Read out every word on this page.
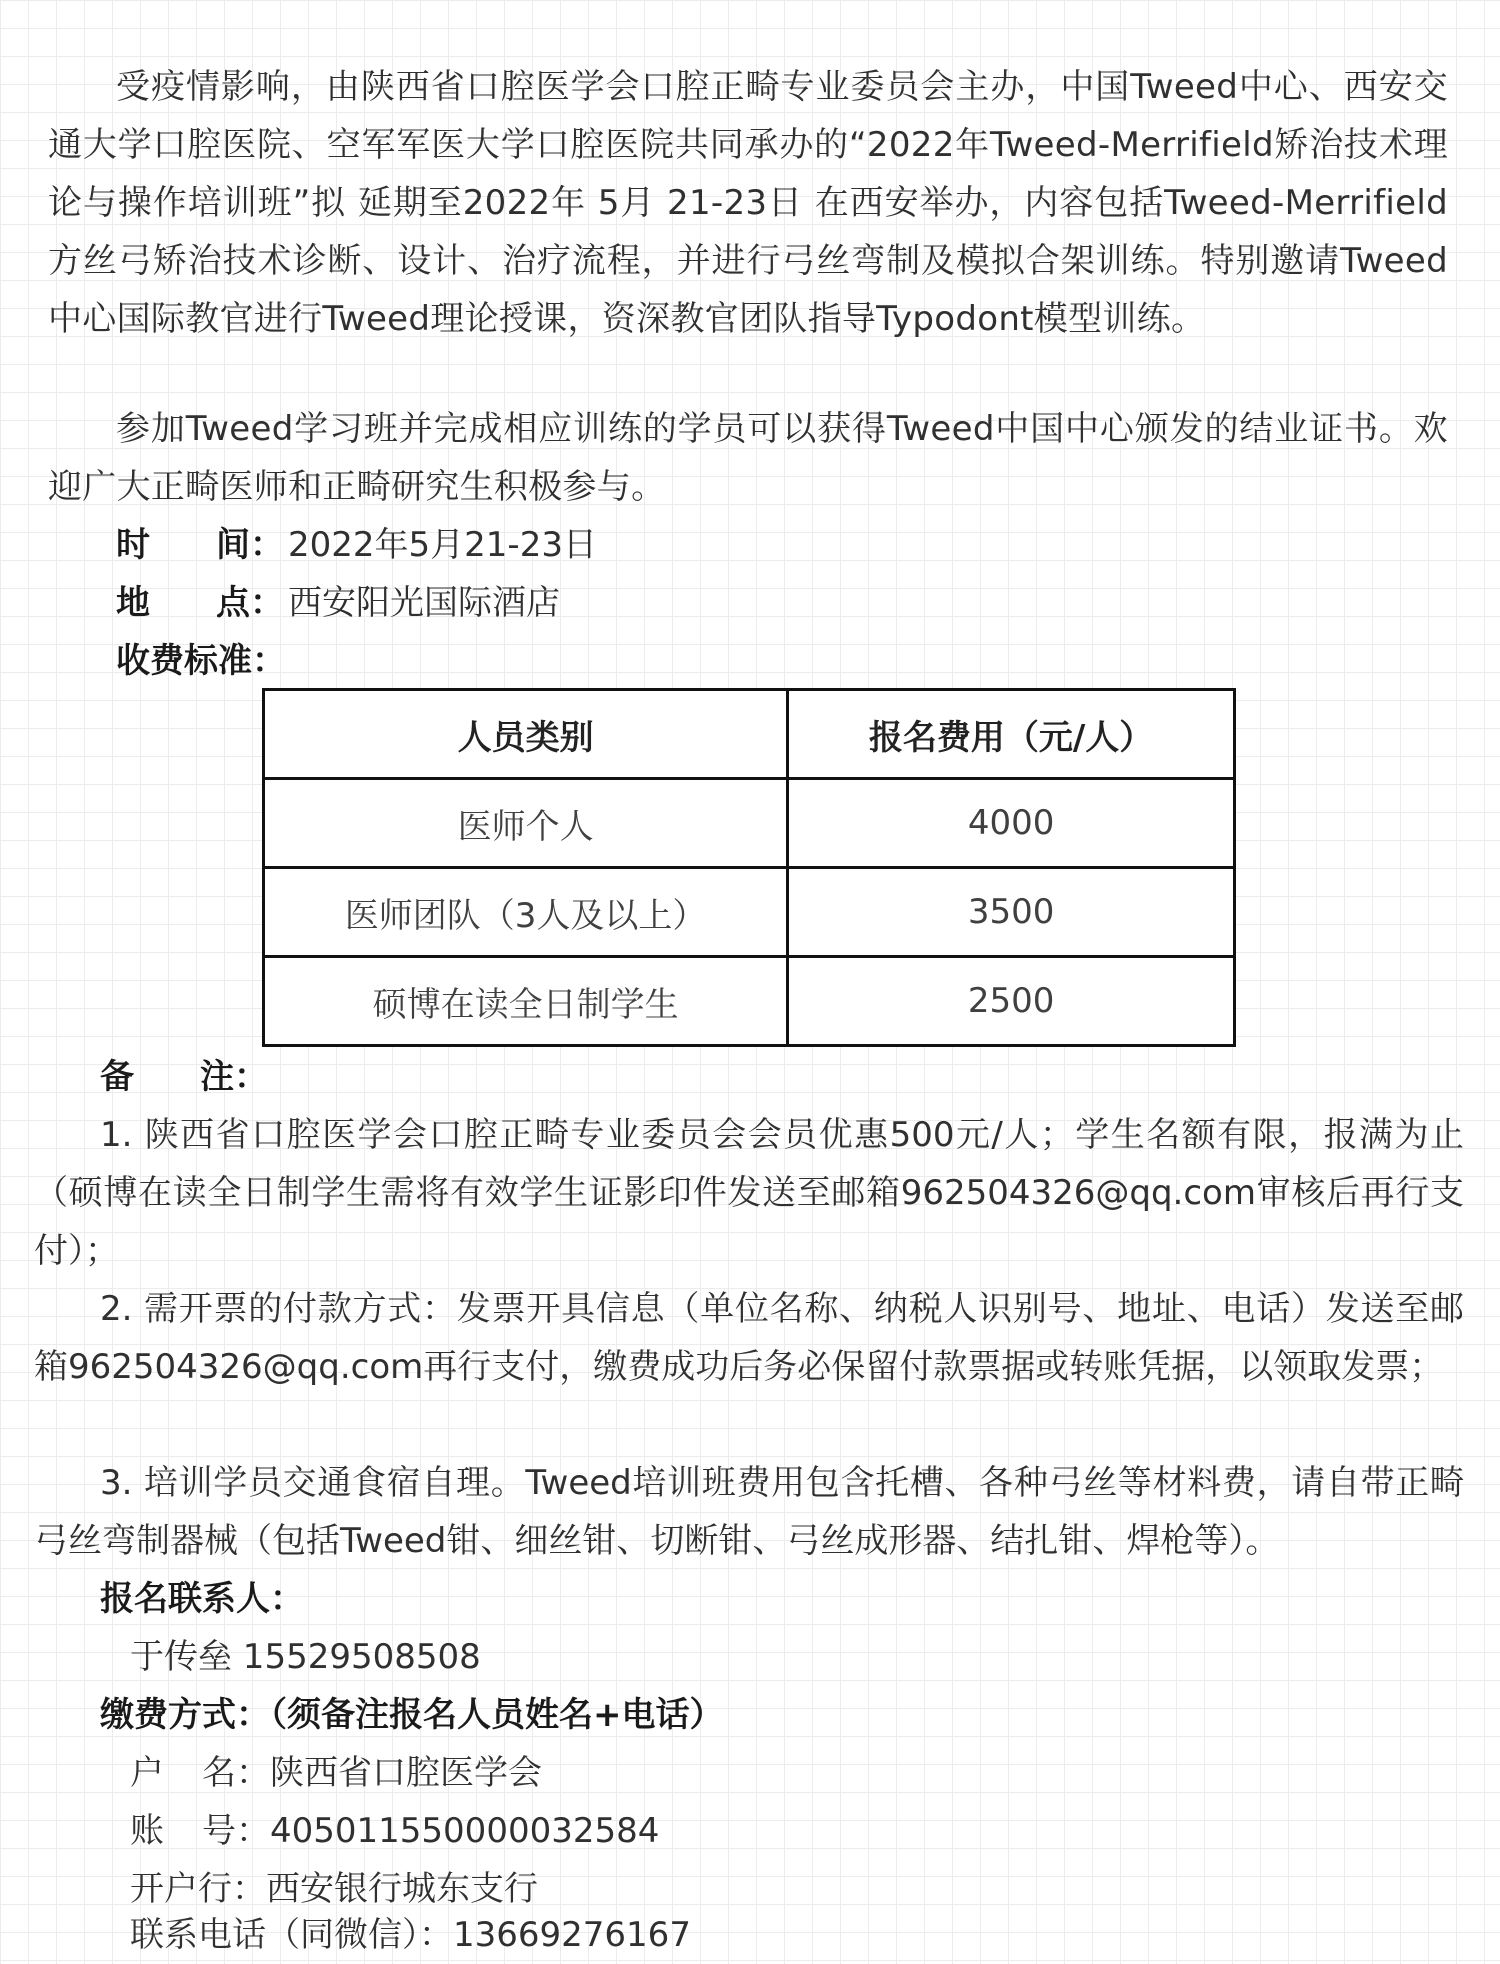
受疫情影响，由陕西省口腔医学会口腔正畸专业委员会主办，中国Tweed中心、西安交通大学口腔医院、空军军医大学口腔医院共同承办的“2022年Tweed-Merrifield矫治技术理论与操作培训班”拟 延期至2022年 5月 21-23日 在西安举办，内容包括Tweed-Merrifield 方丝弓矫治技术诊断、设计、治疗流程，并进行弓丝弯制及模拟合架训练。特别邀请Tweed中心国际教官进行Tweed理论授课，资深教官团队指导Typodont模型训练。

参加Tweed学习班并完成相应训练的学员可以获得Tweed中国中心颁发的结业证书。欢迎广大正畸医师和正畸研究生积极参与。

时 间： 2022年5月21-23日
地 点： 西安阳光国际酒店
收费标准：
人员类别	报名费用（元/人）
医师个人	4000
医师团队（3人及以上）	3500
硕博在读全日制学生	2500
备 注：

1. 陕西省口腔医学会口腔正畸专业委员会会员优惠500元/人；学生名额有限，报满为止（硕博在读全日制学生需将有效学生证影印件发送至邮箱962504326@qq.com审核后再行支付）；

2. 需开票的付款方式：发票开具信息（单位名称、纳税人识别号、地址、电话）发送至邮箱962504326@qq.com再行支付，缴费成功后务必保留付款票据或转账凭据，以领取发票；

3. 培训学员交通食宿自理。Tweed培训班费用包含托槽、各种弓丝等材料费，请自带正畸弓丝弯制器械（包括Tweed钳、细丝钳、切断钳、弓丝成形器、结扎钳、焊枪等）。

报名联系人：
于传垒 15529508508
缴费方式：（须备注报名人员姓名+电话）
户 名：陕西省口腔医学会
账 号：405011550000032584
开户行：西安银行城东支行
联系电话（同微信）：13669276167
